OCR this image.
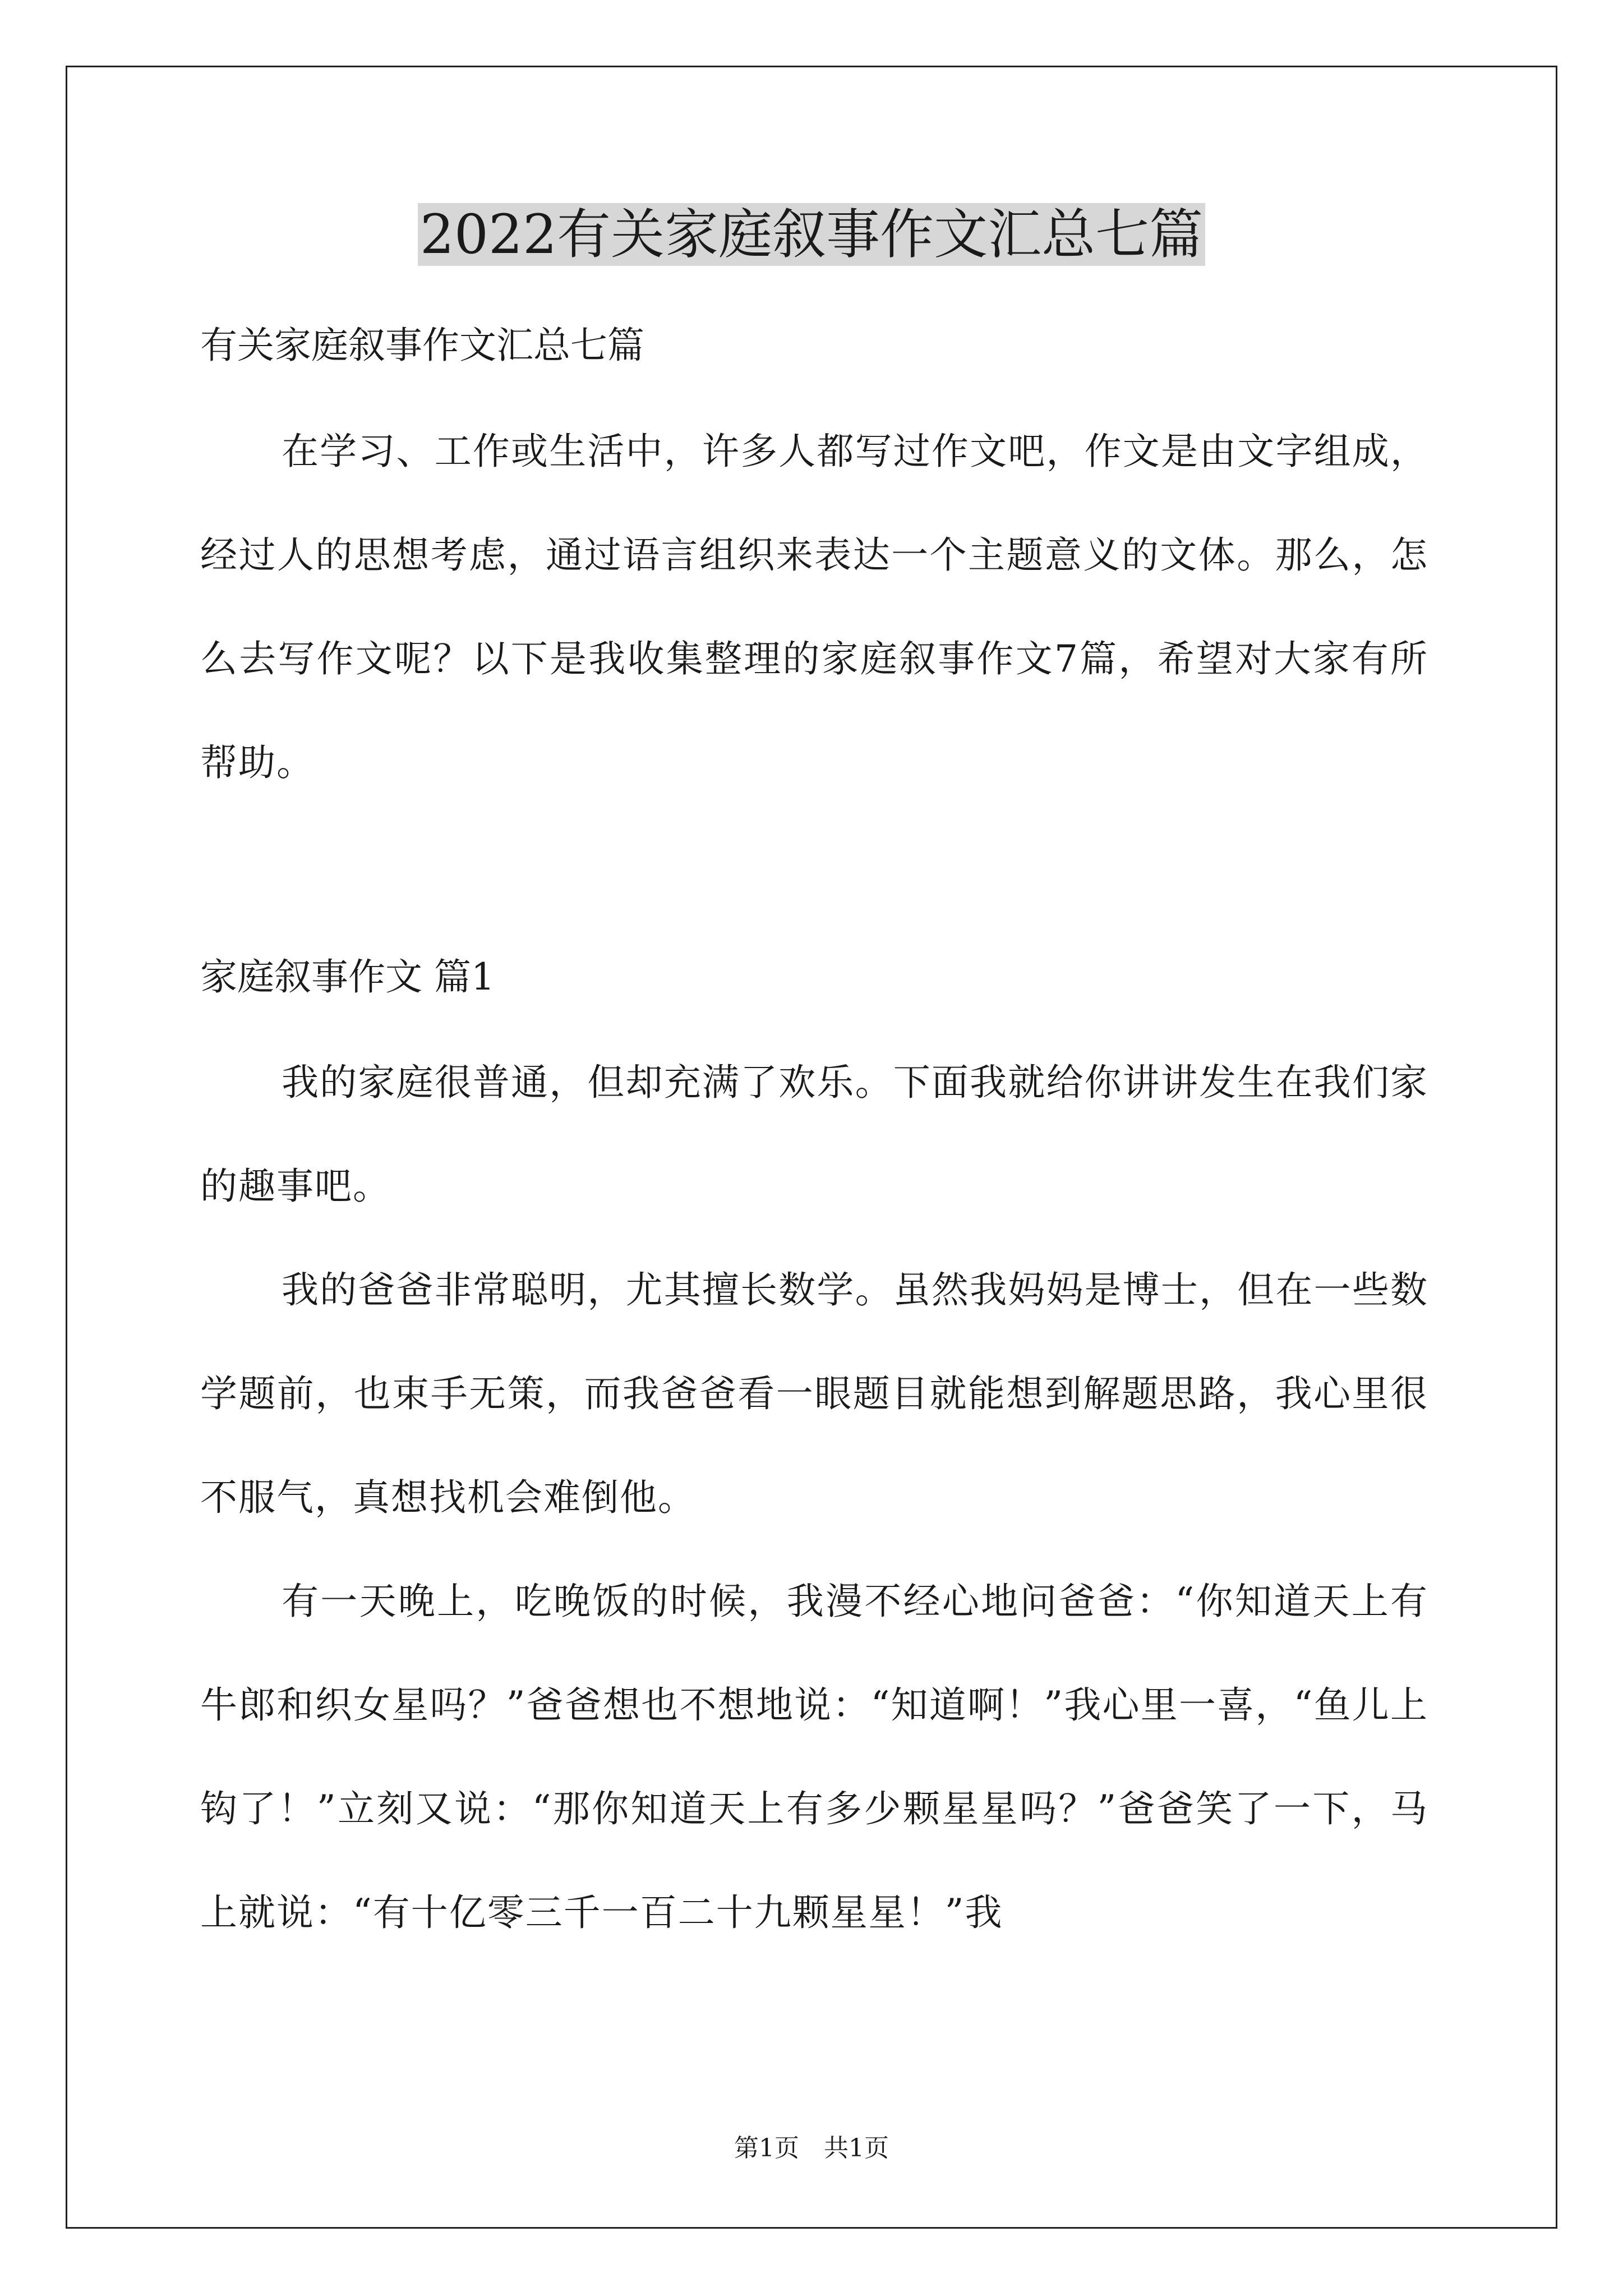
2022有关家庭叙事作文汇总七篇

有关家庭叙事作文汇总七篇

在学习、工作或生活中，许多人都写过作文吧，作文是由文字组成，经过人的思想考虑，通过语言组织来表达一个主题意义的文体。那么，怎么去写作文呢？以下是我收集整理的家庭叙事作文7篇，希望对大家有所帮助。

家庭叙事作文 篇1

我的家庭很普通，但却充满了欢乐。下面我就给你讲讲发生在我们家的趣事吧。

我的爸爸非常聪明，尤其擅长数学。虽然我妈妈是博士，但在一些数学题前，也束手无策，而我爸爸看一眼题目就能想到解题思路，我心里很不服气，真想找机会难倒他。

有一天晚上，吃晚饭的时候，我漫不经心地问爸爸：“你知道天上有牛郎和织女星吗？”爸爸想也不想地说：“知道啊！”我心里一喜，“鱼儿上钩了！”立刻又说：“那你知道天上有多少颗星星吗？”爸爸笑了一下，马上就说：“有十亿零三千一百二十九颗星星！”我

第1页　共1页
